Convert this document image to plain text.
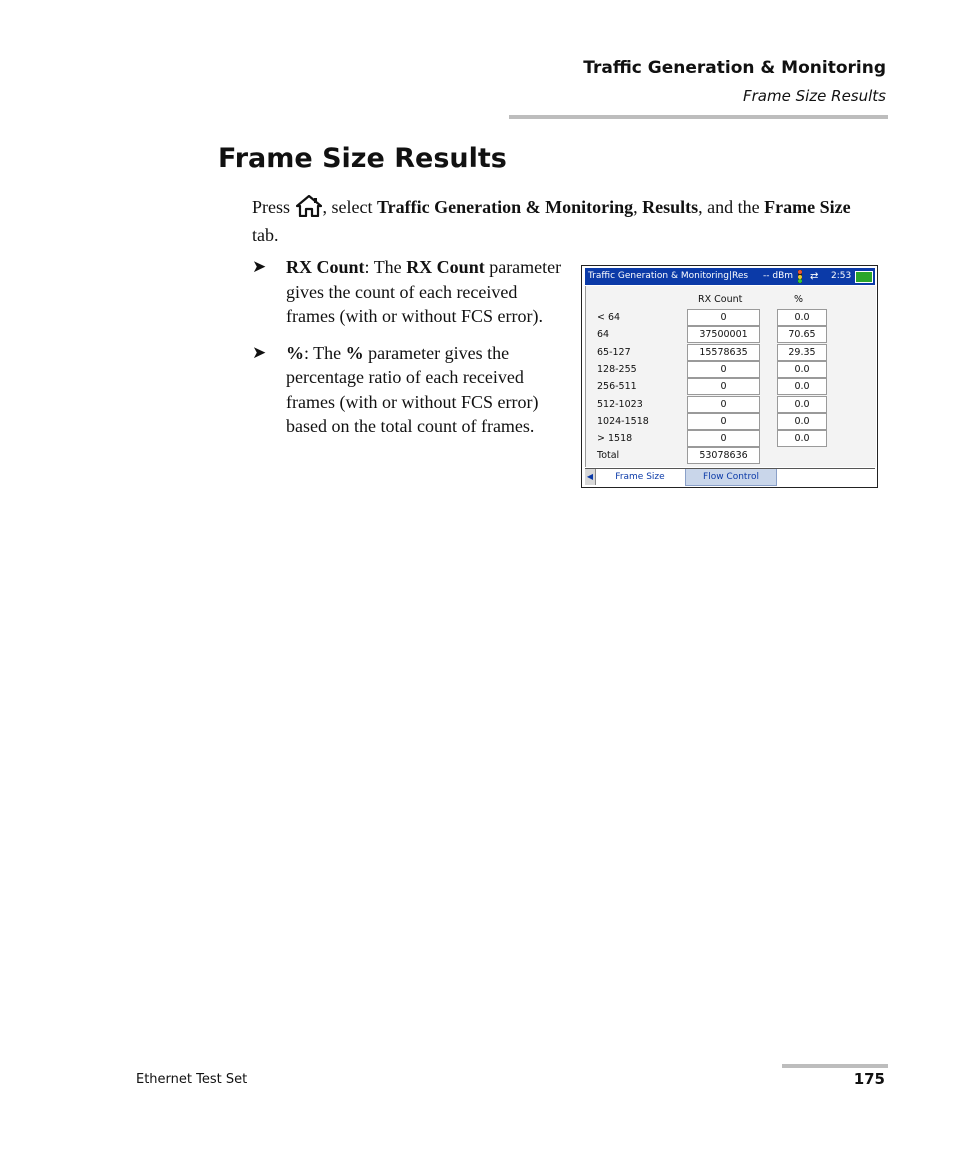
Traffic Generation & Monitoring
Frame Size Results
Frame Size Results
Press , select Traffic Generation & Monitoring, Results, and the Frame Size tab.
➤ RX Count: The RX Count parameter gives the count of each received frames (with or without FCS error).
➤ %: The % parameter gives the percentage ratio of each received frames (with or without FCS error) based on the total count of frames.
Traffic Generation & Monitoring|Res -- dBm ⇄ 2:53
RX Count	%
< 64	0	0.0
64	37500001	70.65
65-127	15578635	29.35
128-255	0	0.0
256-511	0	0.0
512-1023	0	0.0
1024-1518	0	0.0
> 1518	0	0.0
Total	53078636
◀	Frame Size	Flow Control
Ethernet Test Set	175
